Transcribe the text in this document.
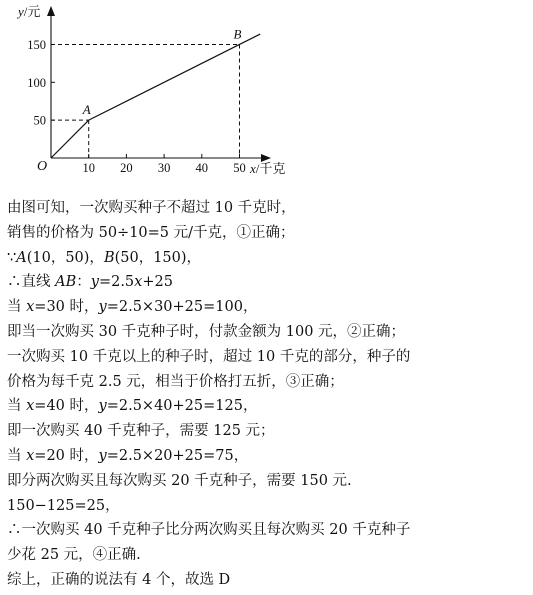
10 20 30 40 50
50
100
150
A
B
y/元
x/千克
O
由图可知，一次购买种子不超过 10 千克时，
销售的价格为 50÷10=5 元/千克，①正确；
∵A(10，50)，B(50，150)，
∴直线 AB：y=2.5x+25
当 x=30 时，y=2.5×30+25=100，
即当一次购买 30 千克种子时，付款金额为 100 元，②正确；
一次购买 10 千克以上的种子时，超过 10 千克的部分，种子的
价格为每千克 2.5 元，相当于价格打五折，③正确；
当 x=40 时，y=2.5×40+25=125，
即一次购买 40 千克种子，需要 125 元；
当 x=20 时，y=2.5×20+25=75，
即分两次购买且每次购买 20 千克种子，需要 150 元.
150−125=25，
∴一次购买 40 千克种子比分两次购买且每次购买 20 千克种子
少花 25 元，④正确.
综上，正确的说法有 4 个，故选 D
